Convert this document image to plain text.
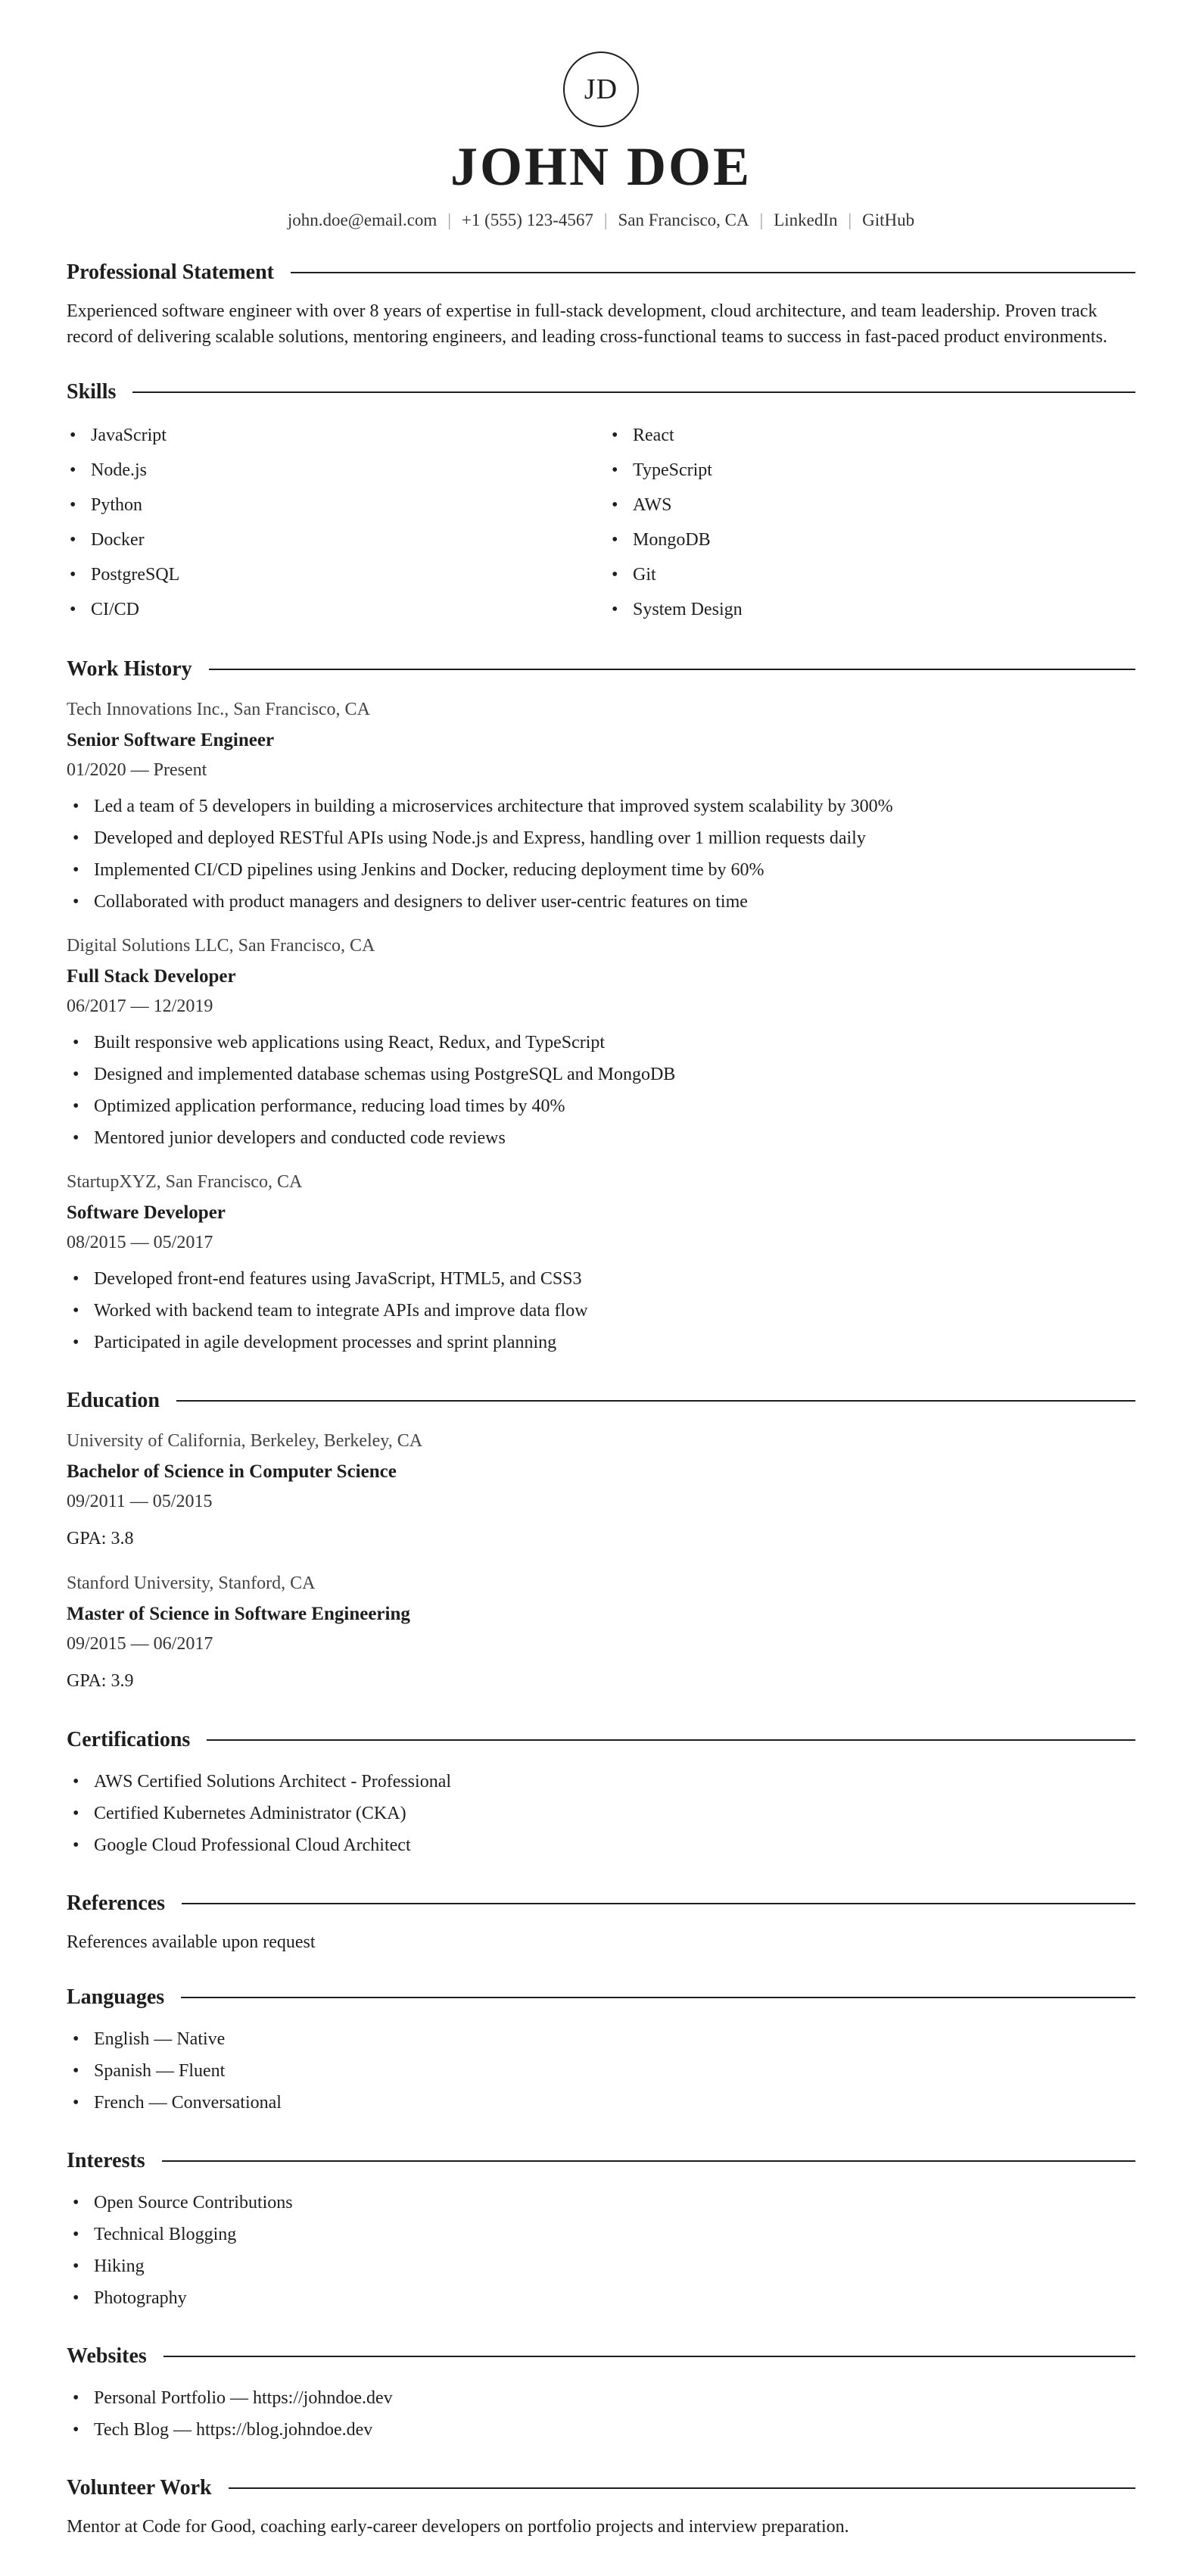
JD
JOHN DOE
john.doe@email.com | +1 (555) 123-4567 | San Francisco, CA | LinkedIn | GitHub
Professional Statement

Experienced software engineer with over 8 years of expertise in full-stack development, cloud architecture, and team leadership. Proven track record of delivering scalable solutions, mentoring engineers, and leading cross-functional teams to success in fast-paced product environments.

Skills
• JavaScript	• React
• Node.js	• TypeScript
• Python	• AWS
• Docker	• MongoDB
• PostgreSQL	• Git
• CI/CD	• System Design
Work History
Tech Innovations Inc., San Francisco, CA
Senior Software Engineer
01/2020 — Present
• Led a team of 5 developers in building a microservices architecture that improved system scalability by 300%
• Developed and deployed RESTful APIs using Node.js and Express, handling over 1 million requests daily
• Implemented CI/CD pipelines using Jenkins and Docker, reducing deployment time by 60%
• Collaborated with product managers and designers to deliver user-centric features on time
Digital Solutions LLC, San Francisco, CA
Full Stack Developer
06/2017 — 12/2019
• Built responsive web applications using React, Redux, and TypeScript
• Designed and implemented database schemas using PostgreSQL and MongoDB
• Optimized application performance, reducing load times by 40%
• Mentored junior developers and conducted code reviews
StartupXYZ, San Francisco, CA
Software Developer
08/2015 — 05/2017
• Developed front-end features using JavaScript, HTML5, and CSS3
• Worked with backend team to integrate APIs and improve data flow
• Participated in agile development processes and sprint planning
Education
University of California, Berkeley, Berkeley, CA
Bachelor of Science in Computer Science
09/2011 — 05/2015
GPA: 3.8
Stanford University, Stanford, CA
Master of Science in Software Engineering
09/2015 — 06/2017
GPA: 3.9
Certifications
• AWS Certified Solutions Architect - Professional
• Certified Kubernetes Administrator (CKA)
• Google Cloud Professional Cloud Architect
References

References available upon request

Languages
• English — Native
• Spanish — Fluent
• French — Conversational
Interests
• Open Source Contributions
• Technical Blogging
• Hiking
• Photography
Websites
• Personal Portfolio — https://johndoe.dev
• Tech Blog — https://blog.johndoe.dev
Volunteer Work

Mentor at Code for Good, coaching early-career developers on portfolio projects and interview preparation.
